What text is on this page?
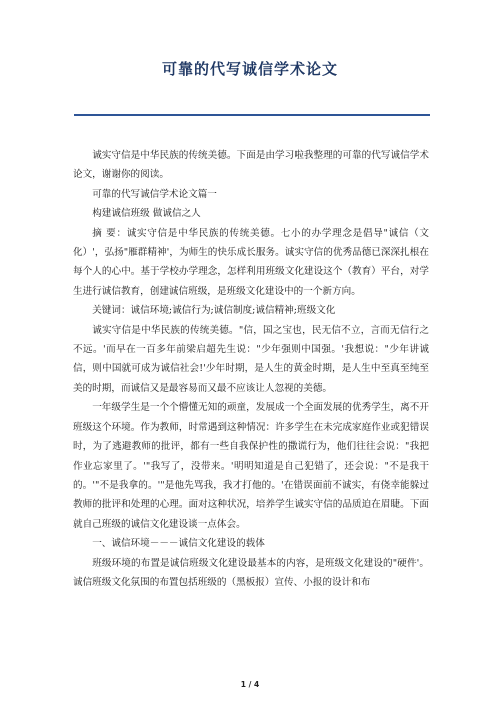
可靠的代写诚信学术论文

诚实守信是中华民族的传统美德。下面是由学习啦我整理的可靠的代写诚信学术论文，谢谢你的阅读。

可靠的代写诚信学术论文篇一

构建诚信班级 做诚信之人

摘 要：诚实守信是中华民族的传统美德。七小的办学理念是倡导"诚信（文化）'，弘扬"雁群精神'，为师生的快乐成长服务。诚实守信的优秀品德已深深扎根在每个人的心中。基于学校办学理念，怎样利用班级文化建设这个（教育）平台，对学生进行诚信教育，创建诚信班级，是班级文化建设中的一个新方向。

关键词：诚信环境;诚信行为;诚信制度;诚信精神;班级文化

诚实守信是中华民族的传统美德。"信，国之宝也，民无信不立，言而无信行之不远。'而早在一百多年前梁启超先生说："少年强则中国强。'我想说："少年讲诚信，则中国就可成为诚信社会!'少年时期，是人生的黄金时期，是人生中至真至纯至美的时期，而诚信又是最容易而又最不应该让人忽视的美德。

一年级学生是一个个懵懂无知的顽童，发展成一个全面发展的优秀学生，离不开班级这个环境。作为教师，时常遇到这种情况：许多学生在未完成家庭作业或犯错误时，为了逃避教师的批评，都有一些自我保护性的撒谎行为，他们往往会说："我把作业忘家里了。'"我写了，没带来。'明明知道是自己犯错了，还会说："不是我干的。'"不是我拿的。'"是他先骂我，我才打他的。'在错误面前不诚实，有侥幸能躲过教师的批评和处理的心理。面对这种状况，培养学生诚实守信的品质迫在眉睫。下面就自己班级的诚信文化建设谈一点体会。

一、诚信环境－－－诚信文化建设的载体

班级环境的布置是诚信班级文化建设最基本的内容，是班级文化建设的"硬件'。诚信班级文化氛围的布置包括班级的（黑板报）宣传、小报的设计和布

1 / 4
